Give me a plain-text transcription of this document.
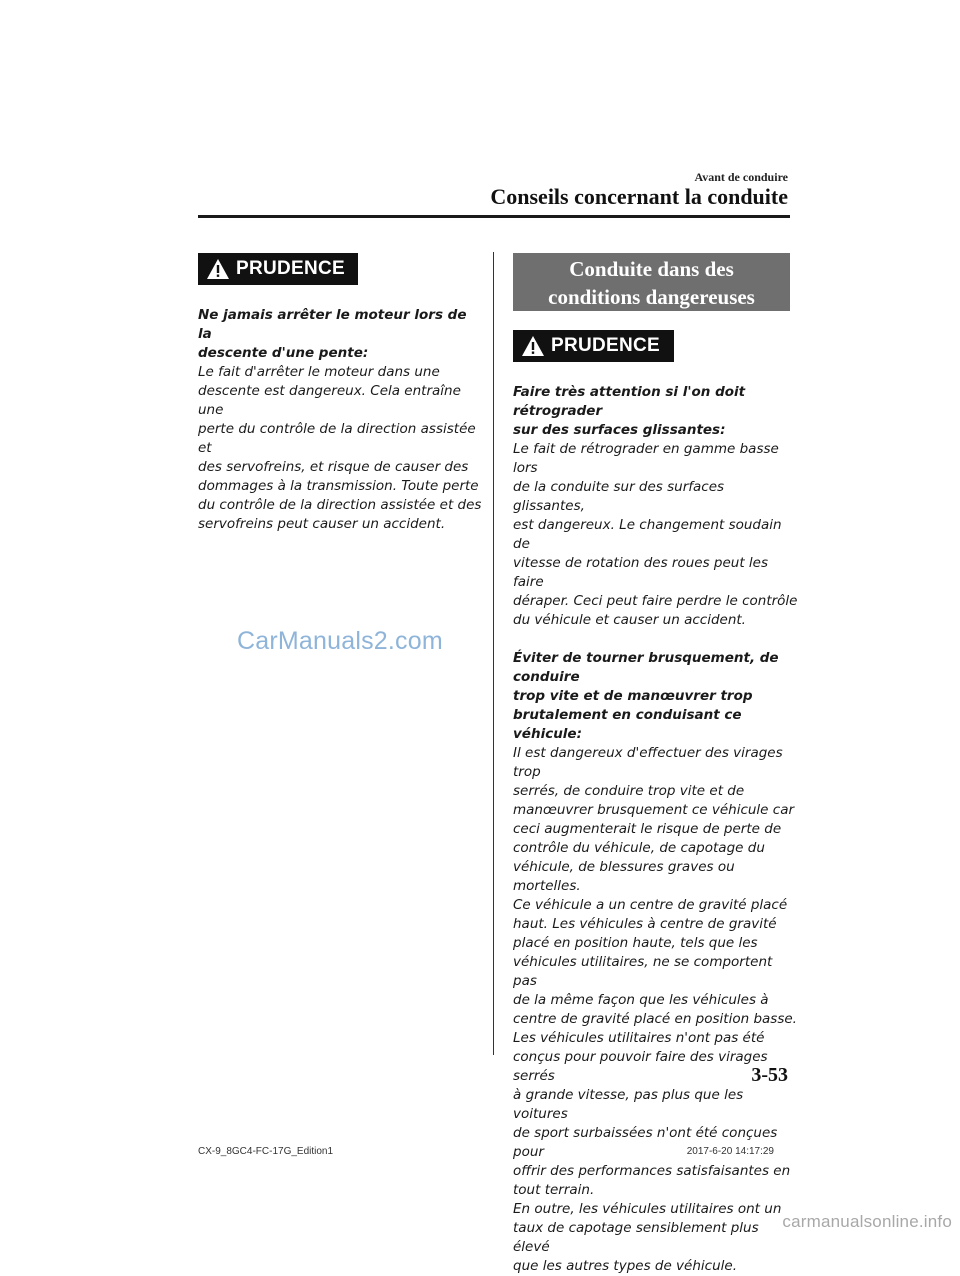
Avant de conduire
Conseils concernant la conduite
PRUDENCE

Ne jamais arrêter le moteur lors de la

descente d'une pente:

Le fait d'arrêter le moteur dans une

descente est dangereux. Cela entraîne une

perte du contrôle de la direction assistée et

des servofreins, et risque de causer des

dommages à la transmission. Toute perte

du contrôle de la direction assistée et des

servofreins peut causer un accident.

CarManuals2.com
Conduite dans des
conditions dangereuses
PRUDENCE

Faire très attention si l'on doit rétrograder

sur des surfaces glissantes:

Le fait de rétrograder en gamme basse lors

de la conduite sur des surfaces glissantes,

est dangereux. Le changement soudain de

vitesse de rotation des roues peut les faire

déraper. Ceci peut faire perdre le contrôle

du véhicule et causer un accident.

Éviter de tourner brusquement, de conduire

trop vite et de manœuvrer trop

brutalement en conduisant ce véhicule:

Il est dangereux d'effectuer des virages trop

serrés, de conduire trop vite et de

manœuvrer brusquement ce véhicule car

ceci augmenterait le risque de perte de

contrôle du véhicule, de capotage du

véhicule, de blessures graves ou mortelles.

Ce véhicule a un centre de gravité placé

haut. Les véhicules à centre de gravité

placé en position haute, tels que les

véhicules utilitaires, ne se comportent pas

de la même façon que les véhicules à

centre de gravité placé en position basse.

Les véhicules utilitaires n'ont pas été

conçus pour pouvoir faire des virages serrés

à grande vitesse, pas plus que les voitures

de sport surbaissées n'ont été conçues pour

offrir des performances satisfaisantes en

tout terrain.

En outre, les véhicules utilitaires ont un

taux de capotage sensiblement plus élevé

que les autres types de véhicule.

3-53
CX-9_8GC4-FC-17G_Edition1	2017-6-20 14:17:29
carmanualsonline.info
